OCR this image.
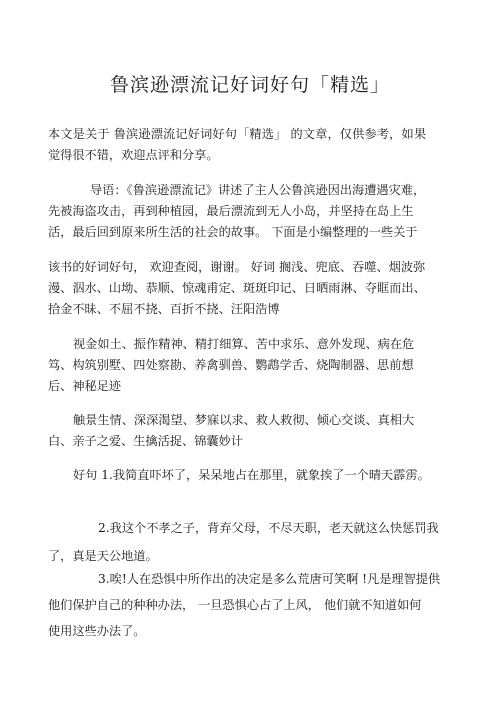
鲁滨逊漂流记好词好句「精选」
本文是关于 鲁滨逊漂流记好词好句「精选」 的文章，仅供参考，如果
觉得很不错，欢迎点评和分享。
导语：《鲁滨逊漂流记》讲述了主人公鲁滨逊因出海遭遇灾难，
先被海盗攻击，再到种植园，最后漂流到无人小岛，并坚持在岛上生
活，最后回到原来所生活的社会的故事。 下面是小编整理的一些关于
该书的好词好句， 欢迎查阅，谢谢。 好词 搁浅、兜底、吞噬、烟波弥
漫、泅水、山坳、恭顺、惊魂甫定、斑斑印记、日晒雨淋、夺眶而出、
拾金不昧、不屈不挠、百折不挠、汪阳浩博
视金如土、振作精神、精打细算、苦中求乐、意外发现、病在危
笃、构筑别墅、四处察勘、养禽驯兽、鹦鹉学舌、烧陶制器、思前想
后、神秘足迹
触景生情、深深渴望、梦寐以求、救人救彻、倾心交谈、真相大
白、亲子之爱、生擒活捉、锦囊妙计
好句 1.我简直吓坏了，呆呆地占在那里，就象挨了一个晴天霹雳。
2.我这个不孝之子，背弃父母，不尽天职，老天就这么快惩罚我
了，真是天公地道。
3.唉!人在恐惧中所作出的决定是多么荒唐可笑啊 !凡是理智提供
他们保护自己的种种办法， 一旦恐惧心占了上风， 他们就不知道如何
使用这些办法了。
